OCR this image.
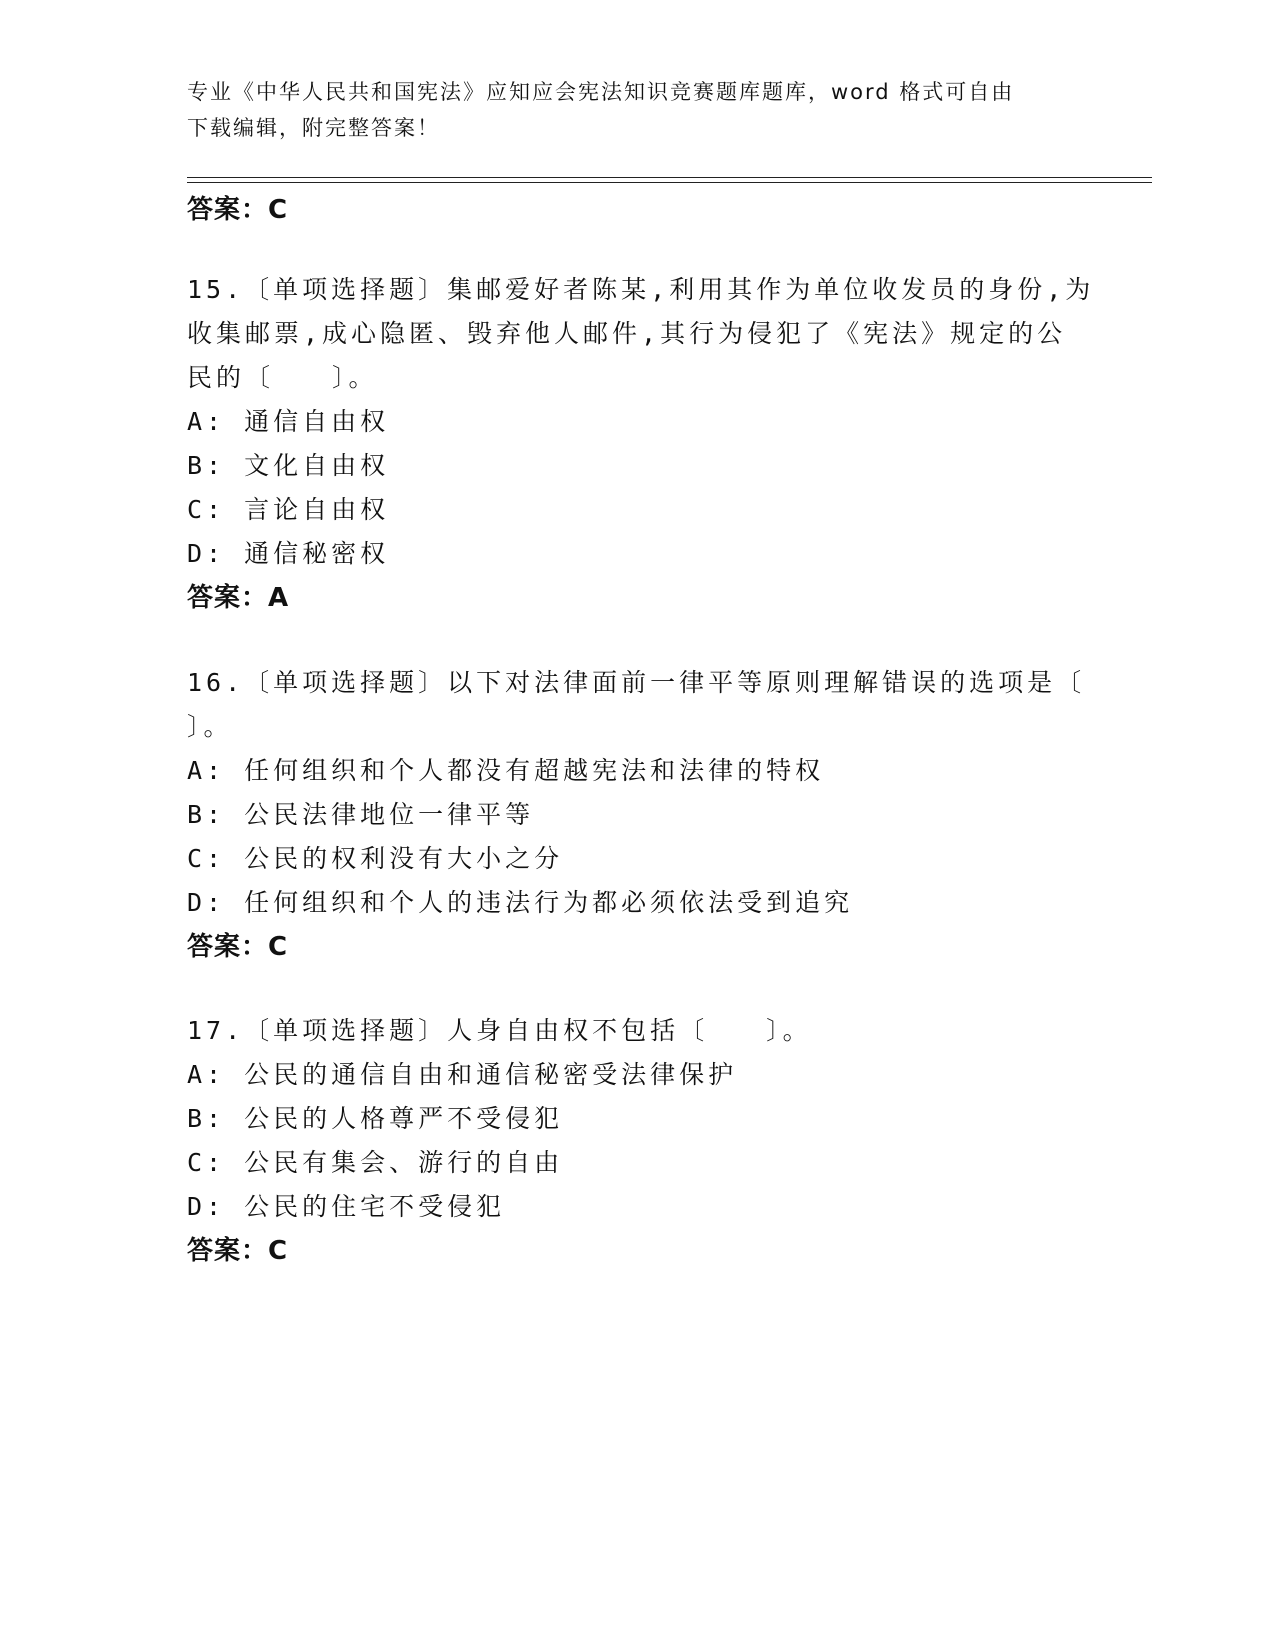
专业《中华人民共和国宪法》应知应会宪法知识竞赛题库题库，word 格式可自由
下载编辑，附完整答案！
答案：C
15.〔单项选择题〕集邮爱好者陈某,利用其作为单位收发员的身份,为
收集邮票,成心隐匿、毁弃他人邮件,其行为侵犯了《宪法》规定的公
民的〔　　〕。
A: 通信自由权
B: 文化自由权
C: 言论自由权
D: 通信秘密权
答案：A
16.〔单项选择题〕以下对法律面前一律平等原则理解错误的选项是〔
〕。
A: 任何组织和个人都没有超越宪法和法律的特权
B: 公民法律地位一律平等
C: 公民的权利没有大小之分
D: 任何组织和个人的违法行为都必须依法受到追究
答案：C
17.〔单项选择题〕人身自由权不包括〔　　〕。
A: 公民的通信自由和通信秘密受法律保护
B: 公民的人格尊严不受侵犯
C: 公民有集会、游行的自由
D: 公民的住宅不受侵犯
答案：C
